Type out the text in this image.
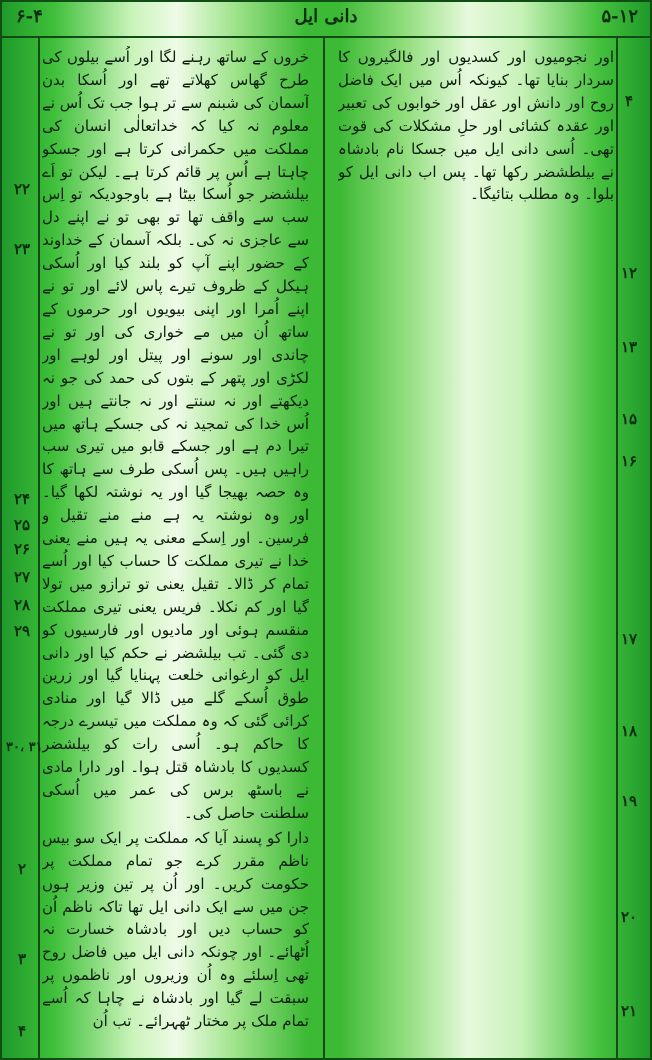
۶-۴	دانی ایل	۵-۱۲

اور نجومیوں اور کسدیوں اور فالگیروں کا سردار بنایا تھا۔ کیونکہ اُس میں ایک فاضل روح اور دانش اور عقل اور خوابوں کی تعبیر اور عقدہ کشائی اور حلِ مشکلات کی قوت تھی۔ اُسی دانی ایل میں جسکا نام بادشاہ نے بیلطشضر رکھا تھا۔ پس اب دانی ایل کو بلوا۔ وہ مطلب بتائیگا۔

خروں کے ساتھ رہنے لگا اور اُسے بیلوں کی طرح گھاس کھلاتے تھے اور اُسکا بدن آسمان کی شبنم سے تر ہوا جب تک اُس نے معلوم نہ کیا کہ خداتعالٰی انسان کی مملکت میں حکمرانی کرتا ہے اور جسکو چاہتا ہے اُس پر قائم کرتا ہے۔ لیکن تو اَے بیلشضر جو اُسکا بیٹا ہے باوجودیکہ تو اِس سب سے واقف تھا تو بھی تو نے اپنے دل سے عاجزی نہ کی۔ بلکہ آسمان کے خداوند کے حضور اپنے آپ کو بلند کیا اور اُسکی ہیکل کے ظروف تیرے پاس لائے اور تو نے اپنے اُمرا اور اپنی بیویوں اور حرموں کے ساتھ اُن میں مے خواری کی اور تو نے چاندی اور سونے اور پیتل اور لوہے اور لکڑی اور پتھر کے بتوں کی حمد کی جو نہ دیکھتے اور نہ سنتے اور نہ جانتے ہیں اور اُس خدا کی تمجید نہ کی جسکے ہاتھ میں تیرا دم ہے اور جسکے قابو میں تیری سب راہیں ہیں۔ پس اُسکی طرف سے ہاتھ کا وہ حصہ بھیجا گیا اور یہ نوشتہ لکھا گیا۔ اور وہ نوشتہ یہ ہے منے منے تقیل و فرسین۔ اور اِسکے معنی یہ ہیں منے یعنی خدا نے تیری مملکت کا حساب کیا اور اُسے تمام کر ڈالا۔ تقیل یعنی تو ترازو میں تولا گیا اور کم نکلا۔ فریس یعنی تیری مملکت منقسم ہوئی اور مادیوں اور فارسیوں کو دی گئی۔ تب بیلشضر نے حکم کیا اور دانی ایل کو ارغوانی خلعت پہنایا گیا اور زرین طوق اُسکے گلے میں ڈالا گیا اور منادی کرائی گئی کہ وہ مملکت میں تیسرے درجہ کا حاکم ہو۔ اُسی رات کو بیلشضر کسدیوں کا بادشاہ قتل ہوا۔ اور دارا مادی نے باسٹھ برس کی عمر میں اُسکی سلطنت حاصل کی۔

دارا کو پسند آیا کہ مملکت پر ایک سو بیس ناظم مقرر کرے جو تمام مملکت پر حکومت کریں۔ اور اُن پر تین وزیر ہوں جن میں سے ایک دانی ایل تھا تاکہ ناظم اُن کو حساب دیں اور بادشاہ خسارت نہ اُٹھائے۔ اور چونکہ دانی ایل میں فاضل روح تھی اِسلئے وہ اُن وزیروں اور ناظموں پر سبقت لے گیا اور بادشاہ نے چاہا کہ اُسے تمام ملک پر مختار ٹھہرائے۔ تب اُن

۴
۱۲
۱۳
۱۵
۱۶
۱۷
۱۸
۱۹
۲۰
۲۱
۲۲
۲۳
۲۴
۲۵
۲۶
۲۷
۲۸
۲۹
۳۰، ۳۱
۲
۳
۴
